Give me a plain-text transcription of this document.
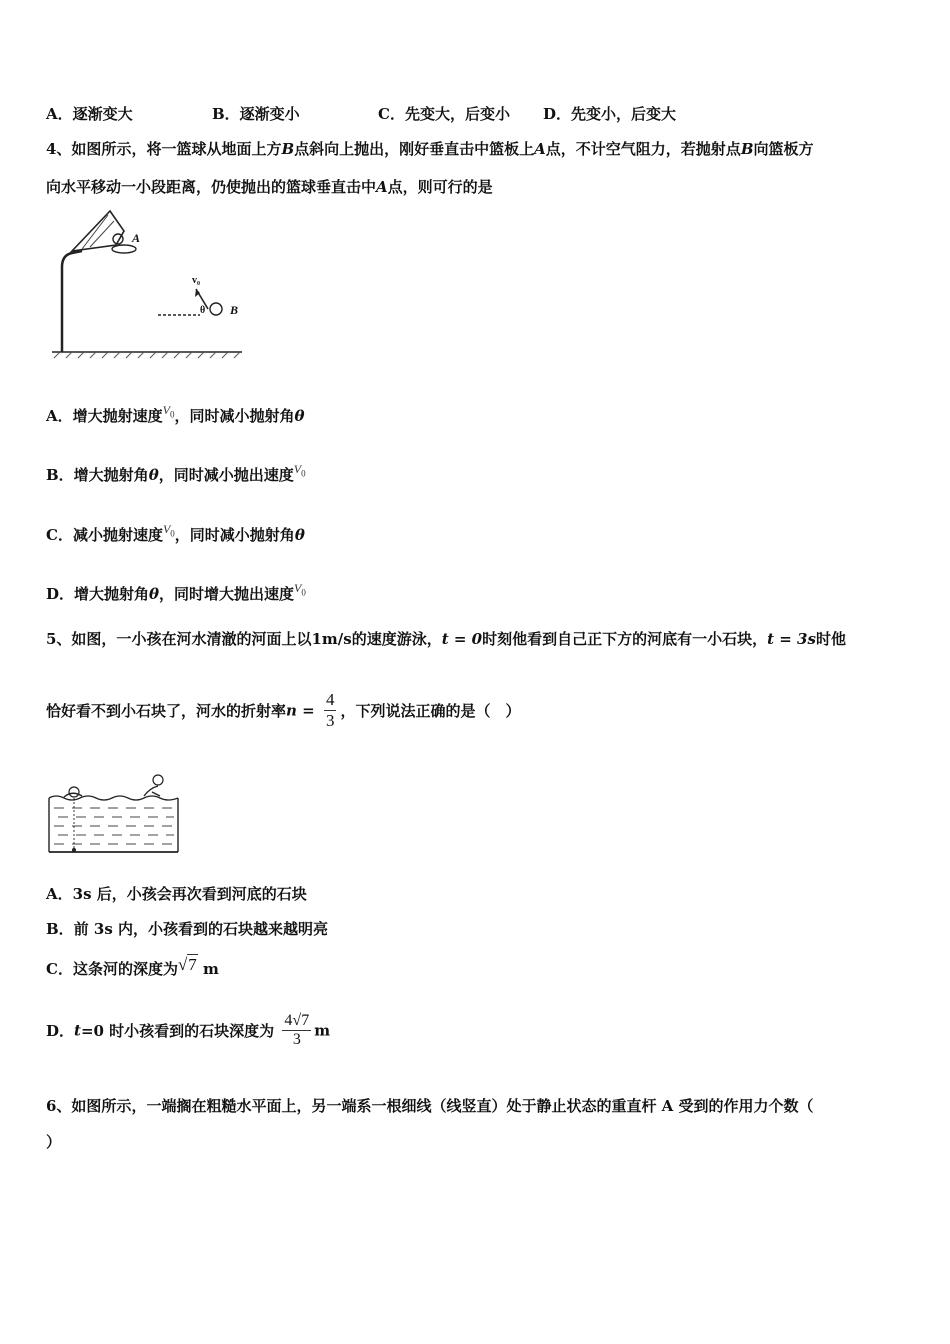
A．逐渐变大	B．逐渐变小	C．先变大，后变小 D．先变小，后变大
4、如图所示，将一篮球从地面上方B点斜向上抛出，刚好垂直击中篮板上A点，不计空气阻力，若抛射点B向篮板方
向水平移动一小段距离，仍使抛出的篮球垂直击中A点，则可行的是
A
v₀
θ B
A．增大抛射速度$^{V_0}$，同时减小抛射角θ
B．增大抛射角θ，同时减小抛出速度$^{V_0}$
C．减小抛射速度$^{V_0}$，同时减小抛射角θ
D．增大抛射角θ，同时增大抛出速度$^{V_0}$
5、如图，一小孩在河水清澈的河面上以1m/s的速度游泳，t = 0时刻他看到自己正下方的河底有一小石块，t = 3s时他
恰好看不到小石块了，河水的折射率$n = \frac{4}{3}$ ，下列说法正确的是（　）
A．3s 后，小孩会再次看到河底的石块
B．前 3s 内，小孩看到的石块越来越明亮
C．这条河的深度为√7 m
D．t=0 时小孩看到的石块深度为 $\frac{4√7}{3}$ m
6、如图所示，一端搁在粗糙水平面上，另一端系一根细线（线竖直）处于静止状态的重直杆 A 受到的作用力个数（
）
